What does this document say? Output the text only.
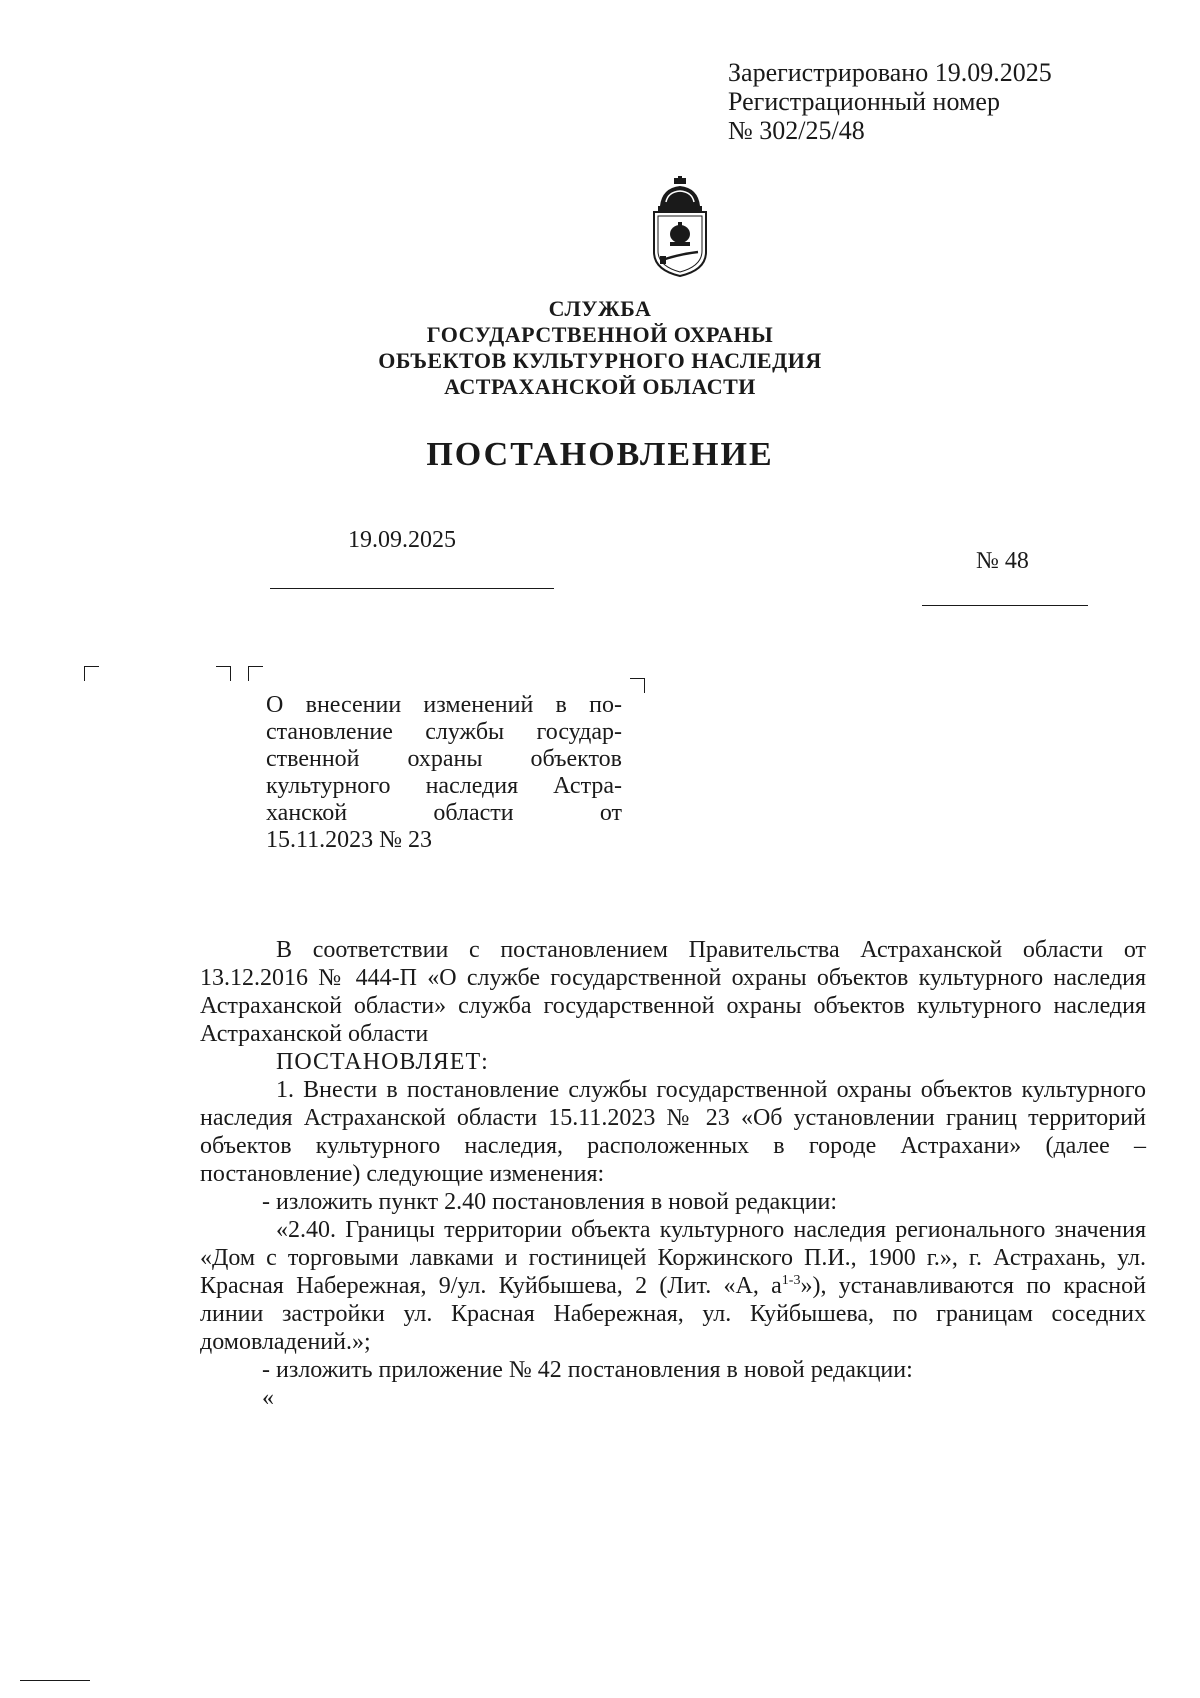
Зарегистрировано 19.09.2025
Регистрационный номер
№ 302/25/48
СЛУЖБА
ГОСУДАРСТВЕННОЙ ОХРАНЫ
ОБЪЕКТОВ КУЛЬТУРНОГО НАСЛЕДИЯ
АСТРАХАНСКОЙ ОБЛАСТИ
ПОСТАНОВЛЕНИЕ
19.09.2025
№ 48
О внесении изменений в по-
становление службы государ-
ственной охраны объектов
культурного наследия Астра-
ханской области от
15.11.2023 № 23

В соответствии с постановлением Правительства Астраханской области от 13.12.2016 № 444-П «О службе государственной охраны объектов культурного наследия Астраханской области» служба государственной охраны объектов культурного наследия Астраханской области

ПОСТАНОВЛЯЕТ:

1. Внести в постановление службы государственной охраны объектов культурного наследия Астраханской области 15.11.2023 № 23 «Об установлении границ территорий объектов культурного наследия, расположенных в городе Астрахани» (далее – постановление) следующие изменения:

- изложить пункт 2.40 постановления в новой редакции:

«2.40. Границы территории объекта культурного наследия регионального значения «Дом с торговыми лавками и гостиницей Коржинского П.И., 1900 г.», г. Астрахань, ул. Красная Набережная, 9/ул. Куйбышева, 2 (Лит. «А, $а^{1-3}$»), устанавливаются по красной линии застройки ул. Красная Набережная, ул. Куйбышева, по границам соседних домовладений.»;

- изложить приложение № 42 постановления в новой редакции:

«
